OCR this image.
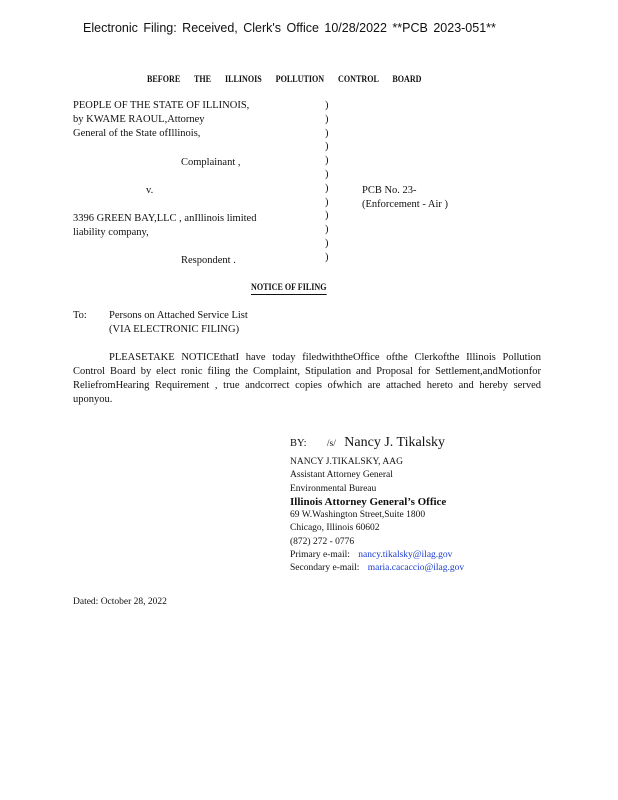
Electronic Filing: Received, Clerk's Office 10/28/2022 **PCB 2023-051**
BEFORE THE ILLINOIS POLLUTION CONTROL BOARD
PEOPLE OF THE STATE OF ILLINOIS,
by KWAME RAOUL,Attorney
General of the State ofIllinois,
Complainant ,
v.
3396 GREEN BAY,LLC , anIllinois limited
liability company,
Respondent .
)
)
)
)
)
)
)
)
)
)
)
)
PCB No. 23-
(Enforcement - Air )
NOTICE OF FILING
To: Persons on Attached Service List
(VIA ELECTRONIC FILING)
PLEASETAKE NOTICEthatI have today filedwiththeOffice ofthe Clerkofthe Illinois Pollution Control Board by elect ronic filing the Complaint, Stipulation and Proposal for Settlement,andMotionfor ReliefromHearing Requirement , true andcorrect copies ofwhich are attached hereto and hereby served uponyou.
BY: /s/ Nancy J. Tikalsky
NANCY J.TIKALSKY, AAG
Assistant Attorney General
Environmental Bureau
Illinois Attorney General’s Office
69 W.Washington Street,Suite 1800
Chicago, Illinois 60602
(872) 272 - 0776
Primary e-mail: nancy.tikalsky@ilag.gov
Secondary e-mail: maria.cacaccio@ilag.gov
Dated: October 28, 2022
